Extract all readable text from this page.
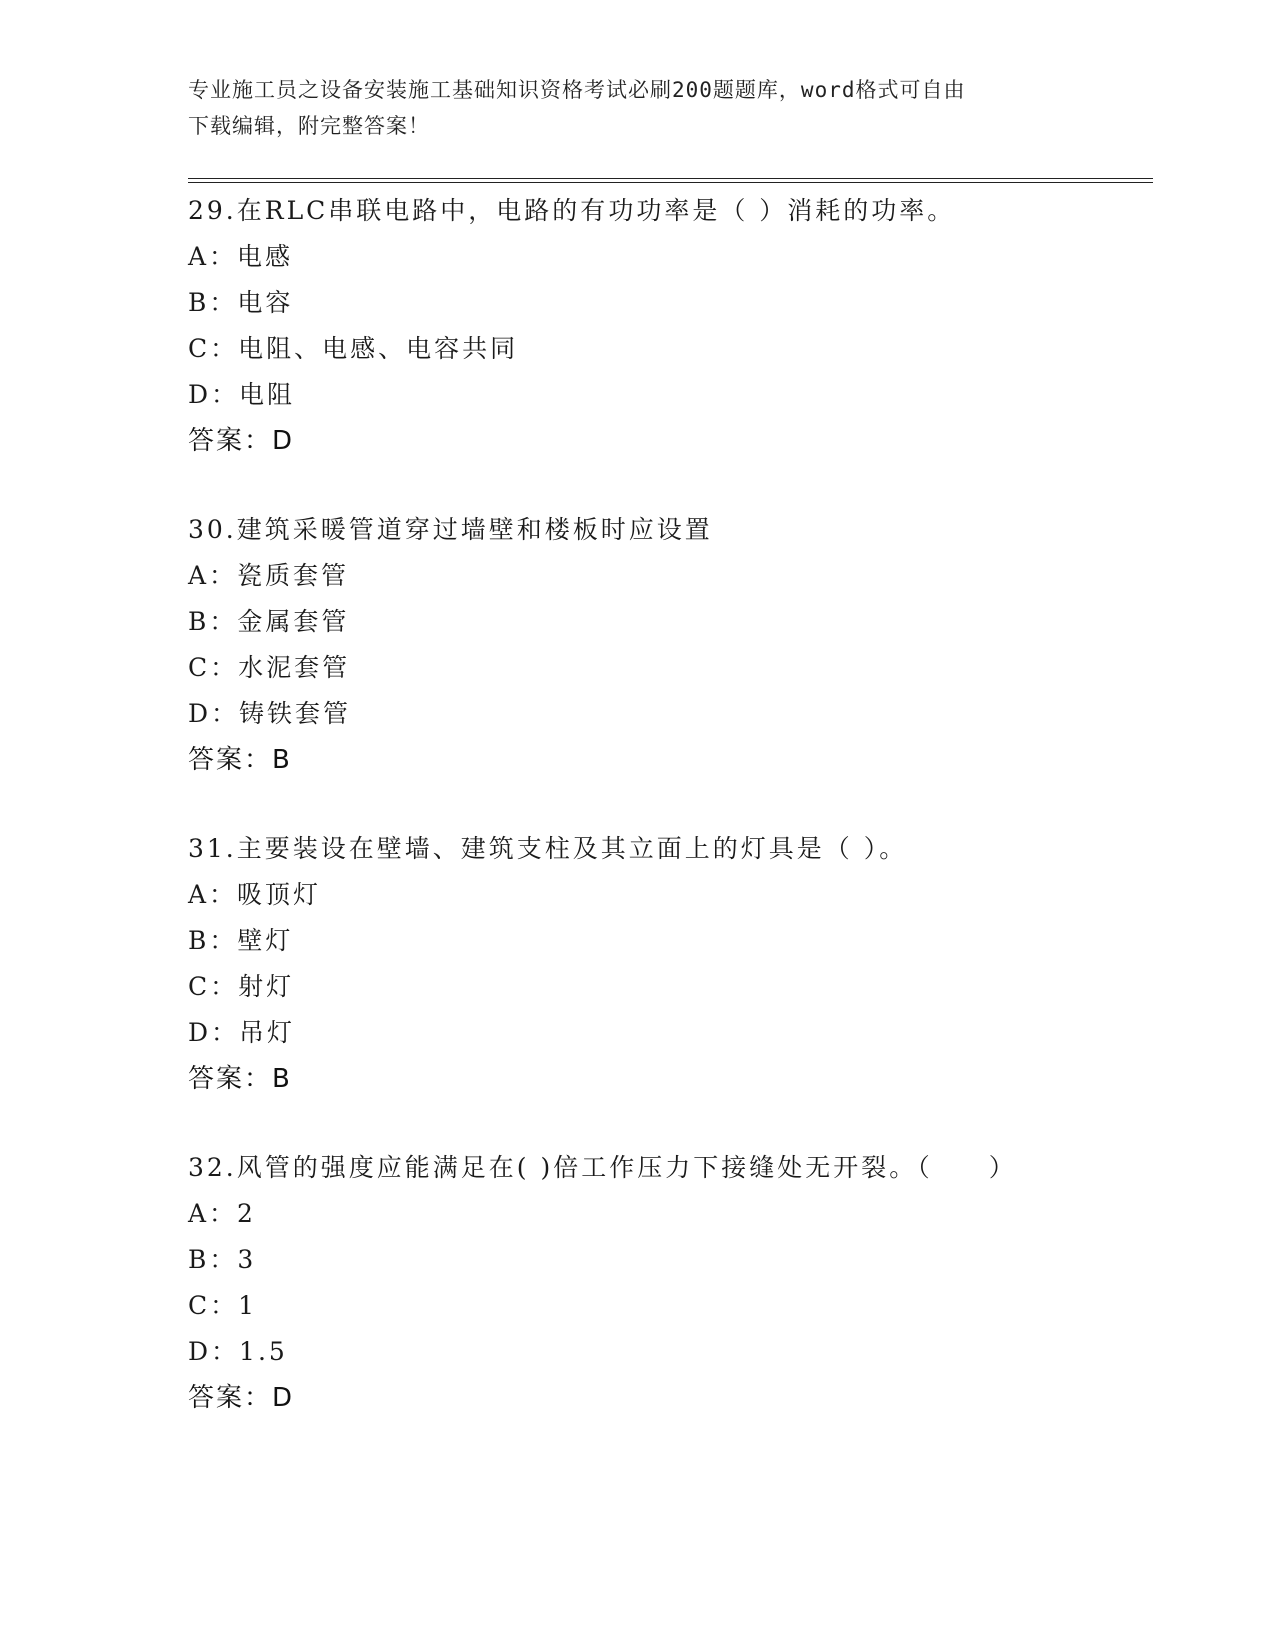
专业施工员之设备安装施工基础知识资格考试必刷200题题库，word格式可自由
下载编辑，附完整答案！
29.在RLC串联电路中，电路的有功功率是（ ）消耗的功率。
A：电感
B：电容
C：电阻、电感、电容共同
D：电阻
答案：D
30.建筑采暖管道穿过墙壁和楼板时应设置
A：瓷质套管
B：金属套管
C：水泥套管
D：铸铁套管
答案：B
31.主要装设在壁墙、建筑支柱及其立面上的灯具是（ ）。
A：吸顶灯
B：壁灯
C：射灯
D：吊灯
答案：B
32.风管的强度应能满足在( )倍工作压力下接缝处无开裂。（　　）
A：2
B：3
C：1
D：1.5
答案：D
